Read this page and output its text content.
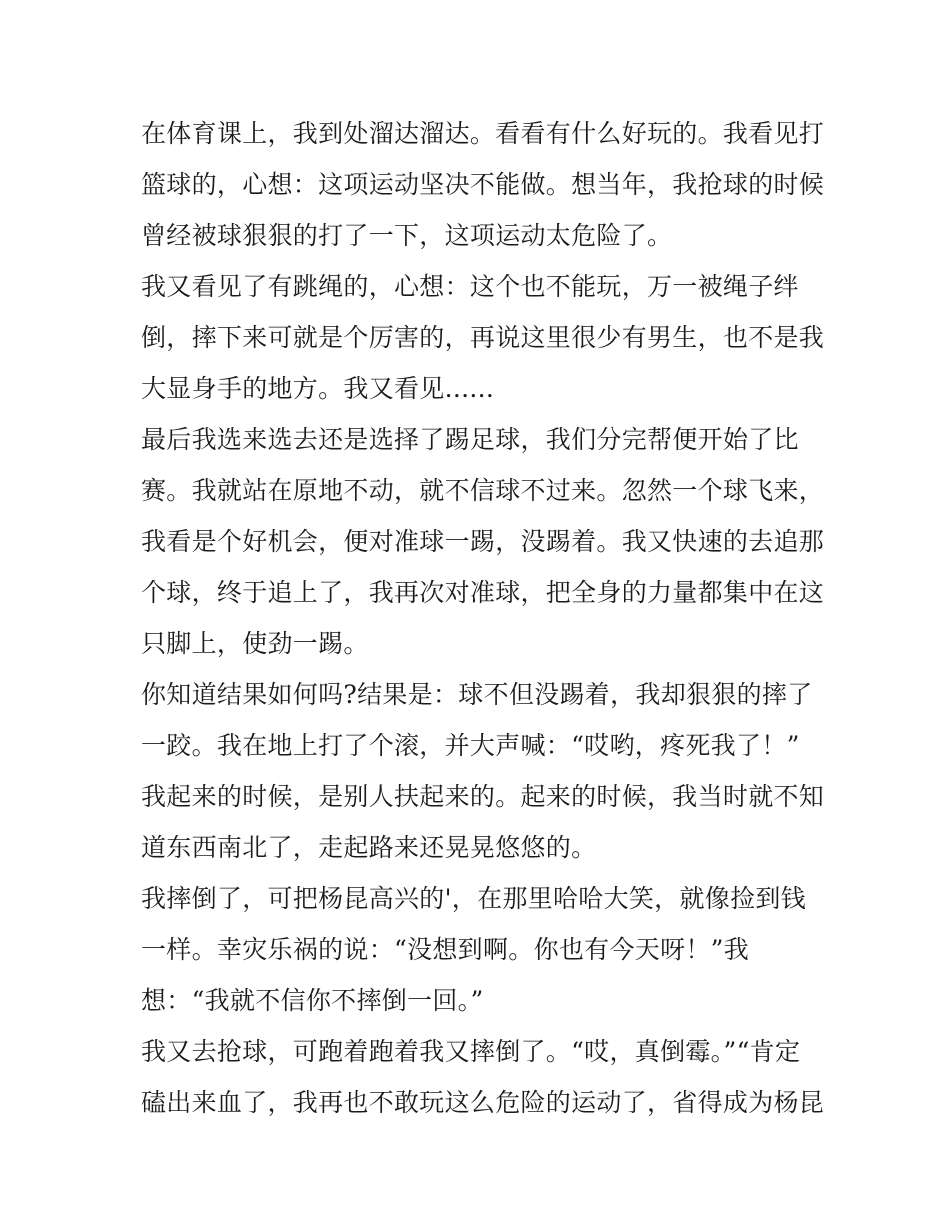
在体育课上，我到处溜达溜达。看看有什么好玩的。我看见打
篮球的，心想：这项运动坚决不能做。想当年，我抢球的时候
曾经被球狠狠的打了一下，这项运动太危险了。
我又看见了有跳绳的，心想：这个也不能玩，万一被绳子绊
倒，摔下来可就是个厉害的，再说这里很少有男生，也不是我
大显身手的地方。我又看见......
最后我选来选去还是选择了踢足球，我们分完帮便开始了比
赛。我就站在原地不动，就不信球不过来。忽然一个球飞来，
我看是个好机会，便对准球一踢，没踢着。我又快速的去追那
个球，终于追上了，我再次对准球，把全身的力量都集中在这
只脚上，使劲一踢。
你知道结果如何吗?结果是：球不但没踢着，我却狠狠的摔了
一跤。我在地上打了个滚，并大声喊：“哎哟，疼死我了！”
我起来的时候，是别人扶起来的。起来的时候，我当时就不知
道东西南北了，走起路来还晃晃悠悠的。
我摔倒了，可把杨昆高兴的'，在那里哈哈大笑，就像捡到钱
一样。幸灾乐祸的说：“没想到啊。你也有今天呀！”我
想：“我就不信你不摔倒一回。”
我又去抢球，可跑着跑着我又摔倒了。“哎，真倒霉。”“肯定
磕出来血了，我再也不敢玩这么危险的运动了，省得成为杨昆
